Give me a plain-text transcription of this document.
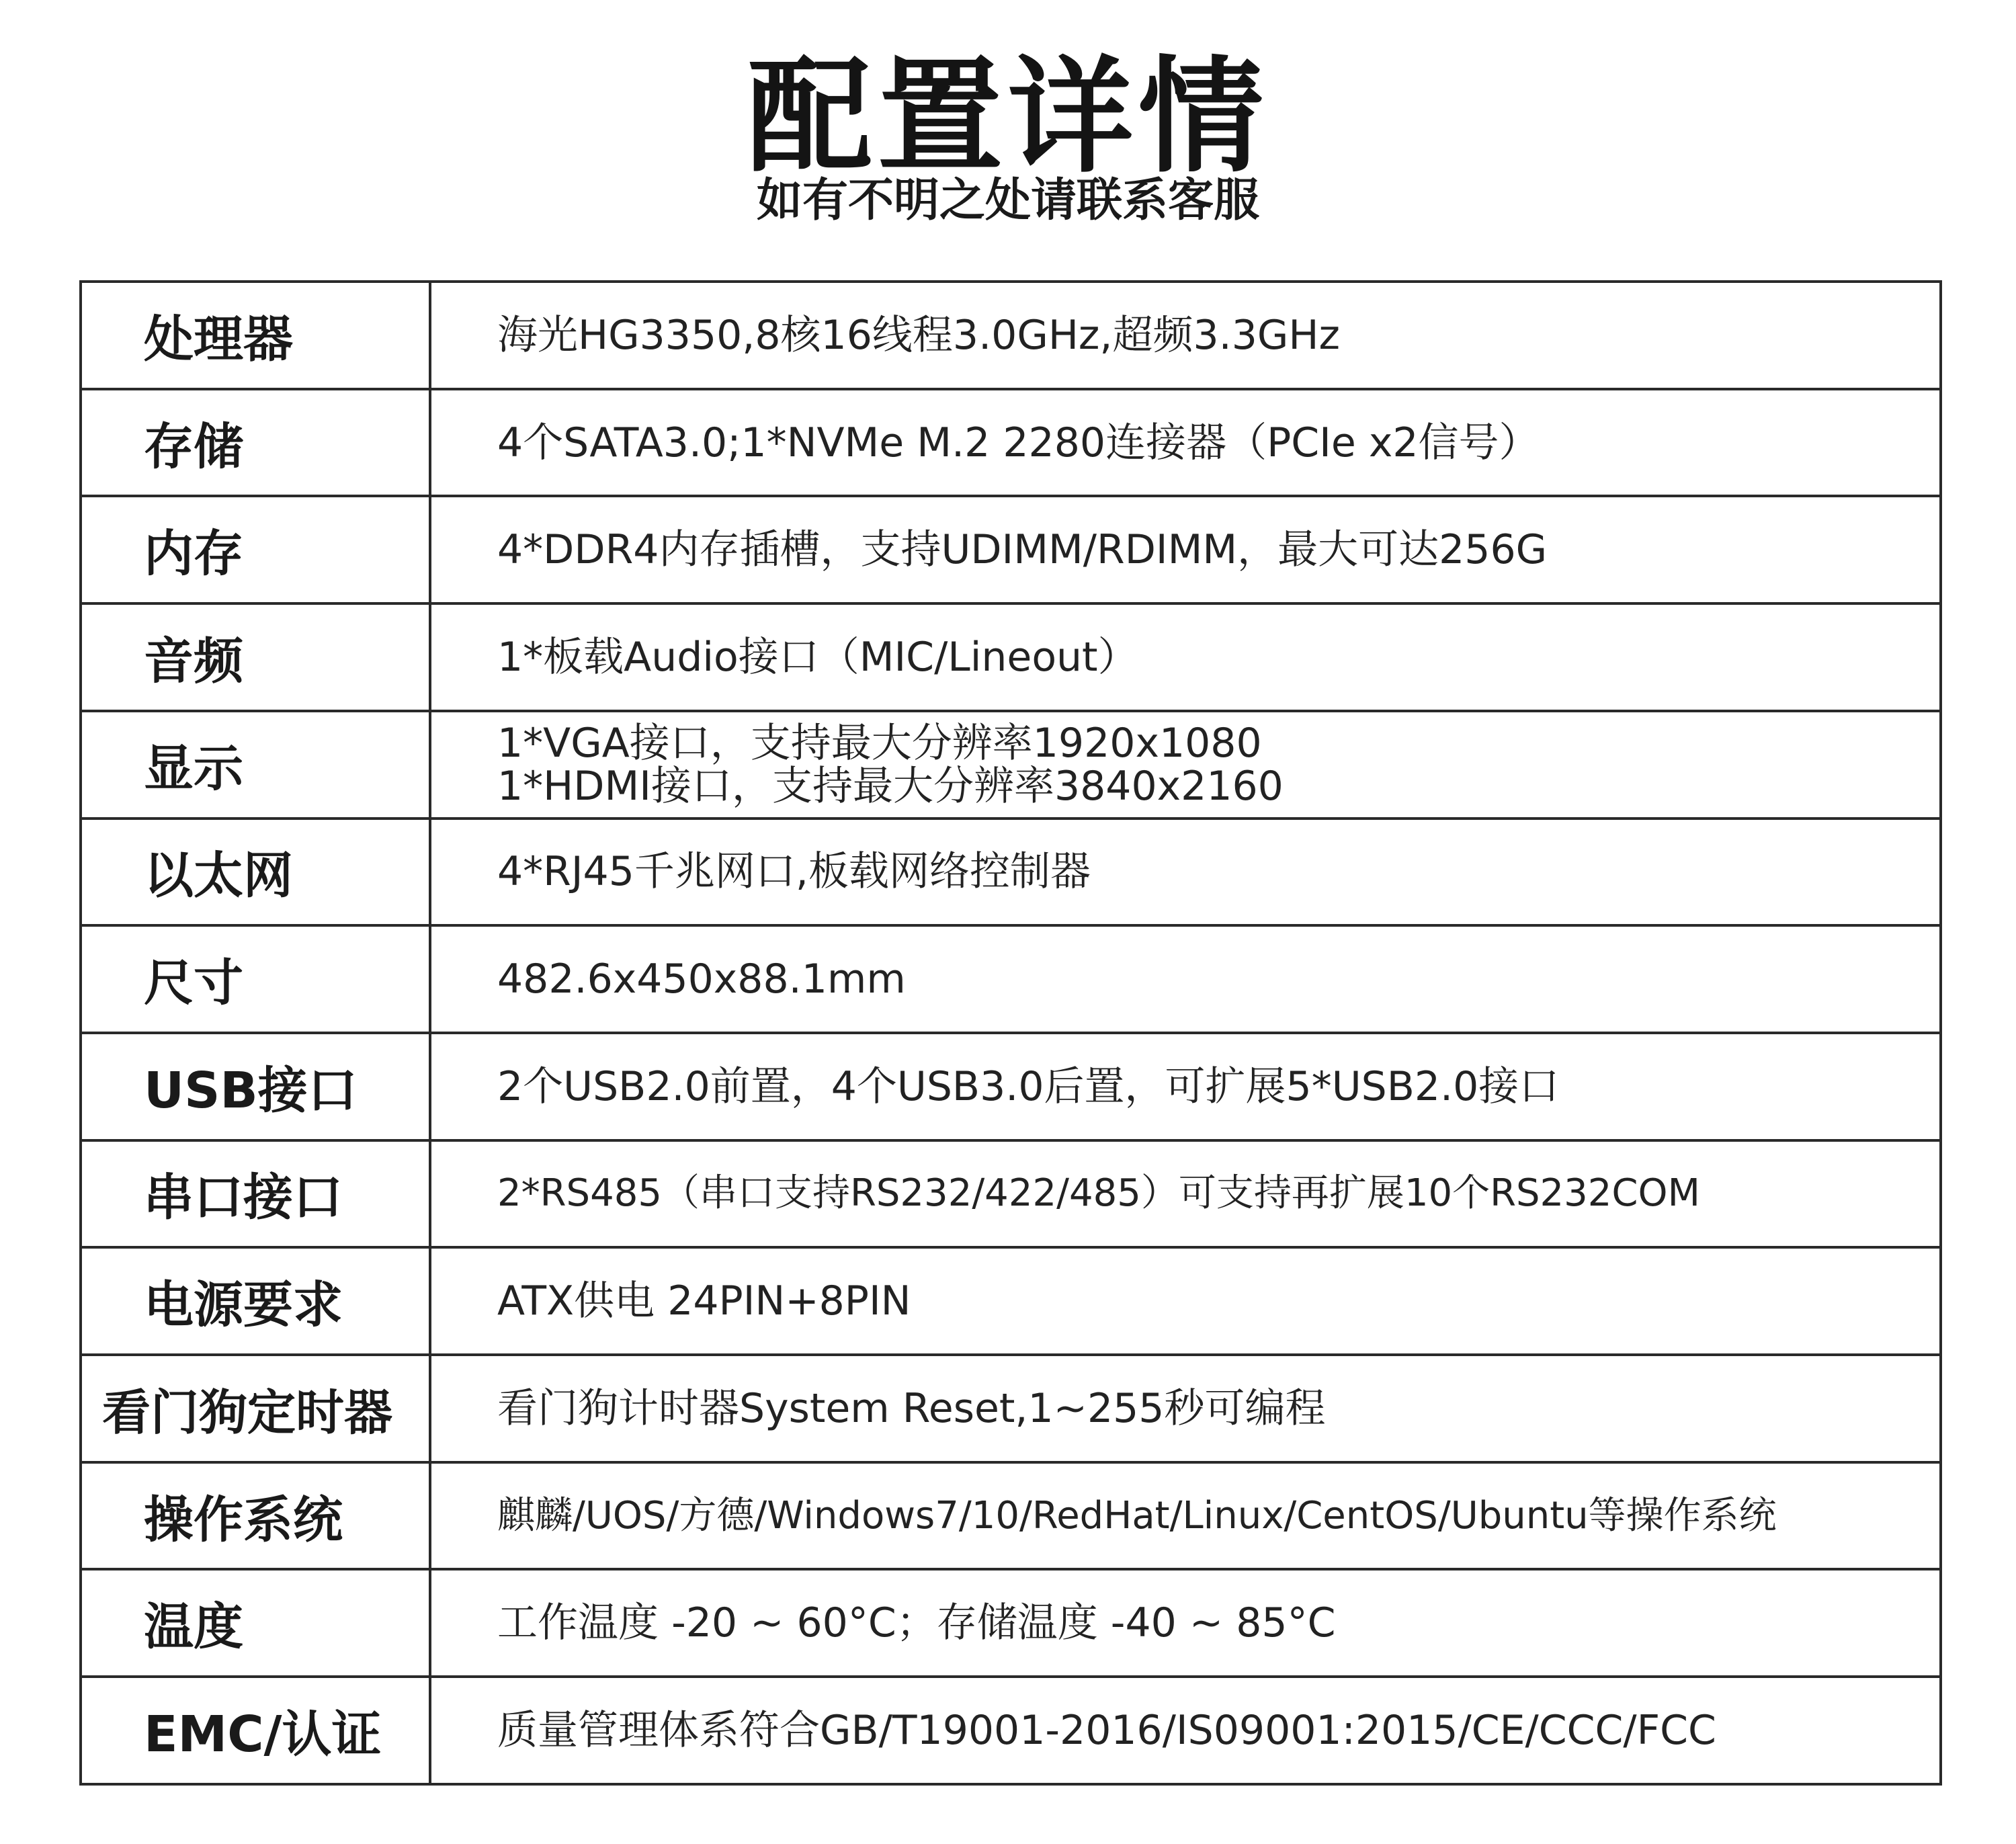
配置详情
如有不明之处请联系客服
处理器	海光HG3350,8核16线程3.0GHz,超频3.3GHz

存储	4个SATA3.0;1*NVMe M.2 2280连接器（PCIe x2信号）

内存	4*DDR4内存插槽，支持UDIMM/RDIMM，最大可达256G

音频	1*板载Audio接口（MIC/Lineout）

显示	1*VGA接口，支持最大分辨率1920x1080
1*HDMI接口，支持最大分辨率3840x2160

以太网	4*RJ45千兆网口,板载网络控制器

尺寸	482.6x450x88.1mm

USB接口	2个USB2.0前置，4个USB3.0后置，可扩展5*USB2.0接口

串口接口	2*RS485（串口支持RS232/422/485）可支持再扩展10个RS232COM

电源要求	ATX供电 24PIN+8PIN

看门狗定时器	看门狗计时器System Reset,1~255秒可编程

操作系统	麒麟/UOS/方德/Windows7/10/RedHat/Linux/CentOS/Ubuntu等操作系统

温度	工作温度 -20 ~ 60°C；存储温度 -40 ~ 85°C

EMC/认证	质量管理体系符合GB/T19001-2016/IS09001:2015/CE/CCC/FCC
